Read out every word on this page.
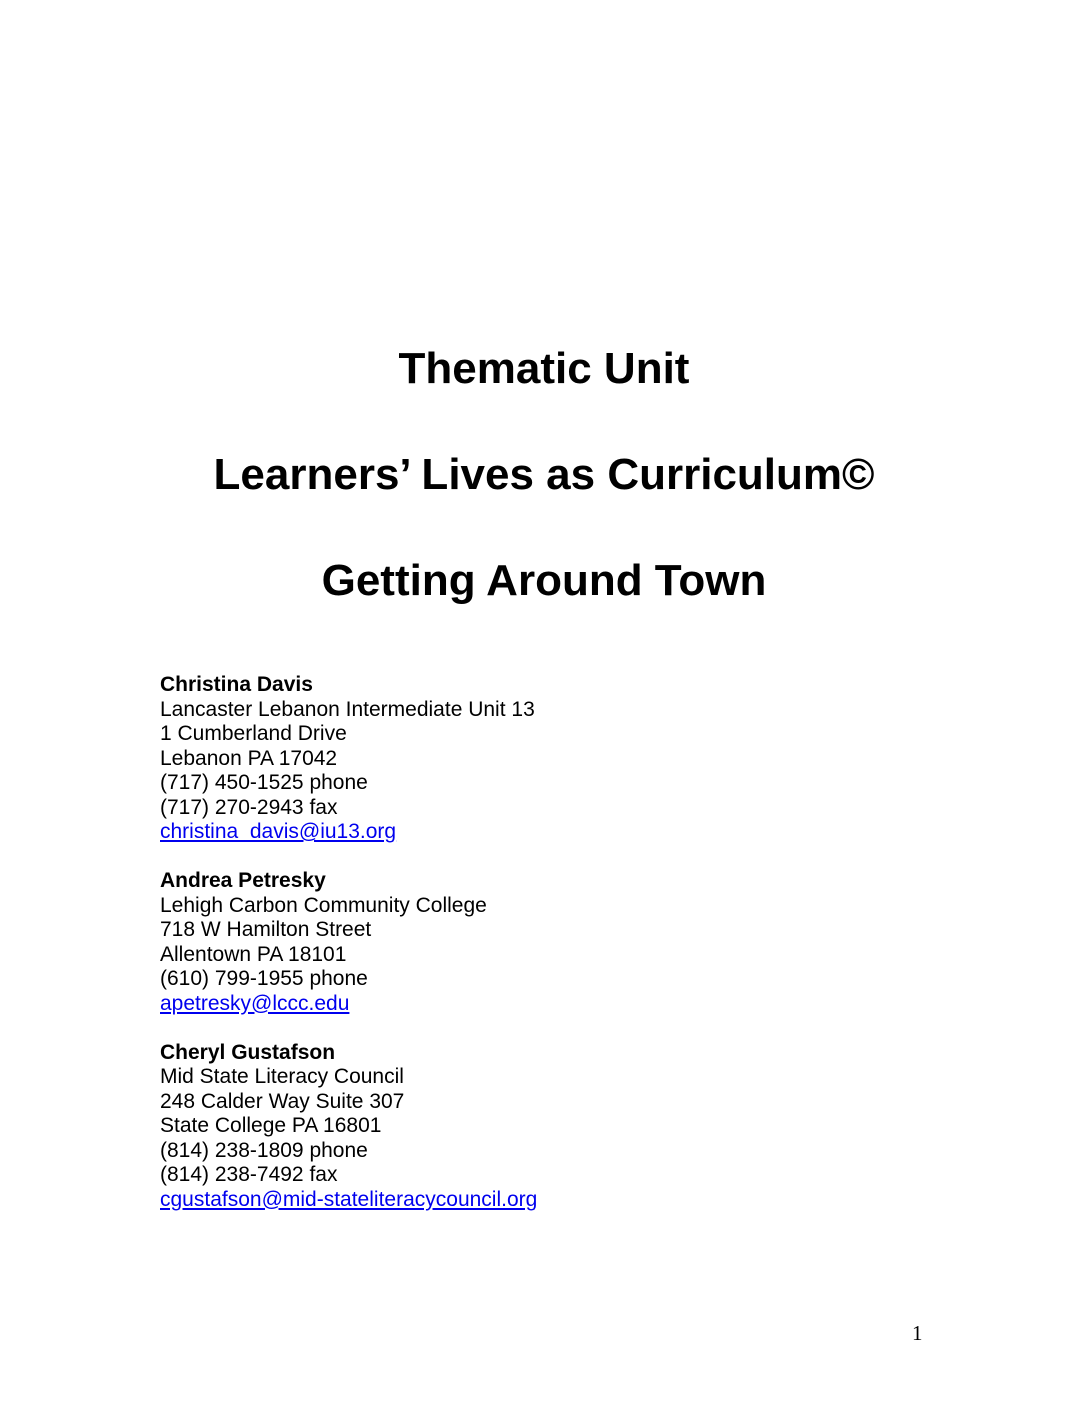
Thematic Unit
Learners’ Lives as Curriculum©
Getting Around Town
Christina Davis
Lancaster Lebanon Intermediate Unit 13
1 Cumberland Drive
Lebanon PA 17042
(717) 450-1525 phone
(717) 270-2943 fax
christina_davis@iu13.org
Andrea Petresky
Lehigh Carbon Community College
718 W Hamilton Street
Allentown PA 18101
(610) 799-1955 phone
apetresky@lccc.edu
Cheryl Gustafson
Mid State Literacy Council
248 Calder Way Suite 307
State College PA 16801
(814) 238-1809 phone
(814) 238-7492 fax
cgustafson@mid-stateliteracycouncil.org
1
